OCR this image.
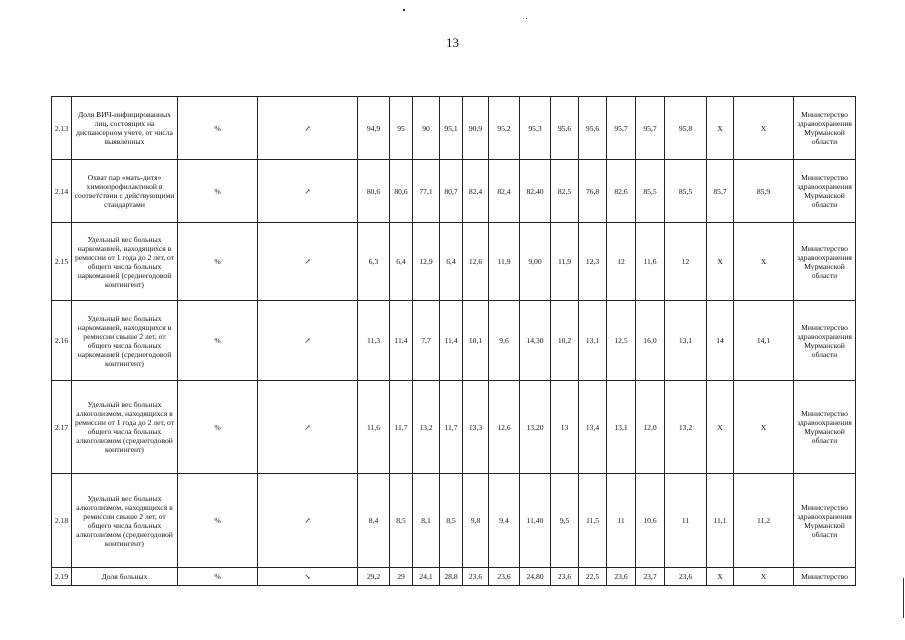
13
2.13	Доля ВИЧ-инфицированных лиц, состоящих на диспансерном учете, от числа выявленных	%	↗	94,9	95	90	95,1	90,9	95,2	95,3	95,6	95,6	95,7	95,7	95,8	Х	Х	Министерство здравоохранения Мурманской области
2.14	Охват пар «мать-дитя» химиопрофилактикой в соответствии с действующими стандартами	%	↗	80,6	80,6	77,1	80,7	82,4	82,4	82,40	82,5	76,8	82,6	85,5	85,5	85,7	85,9	Министерство здравоохранения Мурманской области
2.15	Удельный вес больных наркоманией, находящихся в ремиссии от 1 года до 2 лет, от общего числа больных наркоманией (среднегодовой контингент)	%	↗	6,3	6,4	12,9	6,4	12,6	11,9	9,00	11,9	12,3	12	11,6	12	Х	Х	Министерство здравоохранения Мурманской области
2.16	Удельный вес больных наркоманией, находящихся в ремиссии свыше 2 лет, от общего числа больных наркоманией (среднегодовой контингент)	%	↗	11,3	11,4	7,7	11,4	10,1	9,6	14,30	10,2	13,1	12,5	16,0	13,1	14	14,1	Министерство здравоохранения Мурманской области
2.17	Удельный вес больных алкоголизмом, находящихся в ремиссии от 1 года до 2 лет, от общего числа больных алкоголизмом (среднегодовой контингент)	%	↗	11,6	11,7	13,2	11,7	13,3	12,6	13,20	13	13,4	13,1	12,0	13,2	Х	Х	Министерство здравоохранения Мурманской области
2.18	Удельный вес больных алкоголизмом, находящихся в ремиссии свыше 2 лет, от общего числа больных алкоголизмом (среднегодовой контингент)	%	↗	8,4	8,5	8,1	8,5	9,8	9,4	11,40	9,5	11,5	11	10,6	11	11,1	11,2	Министерство здравоохранения Мурманской области
2.19	Доля больных	%	↘	29,2	29	24,1	28,8	23,6	23,6	24,80	23,6	22,5	23,6	23,7	23,6	Х	Х	Министерство
